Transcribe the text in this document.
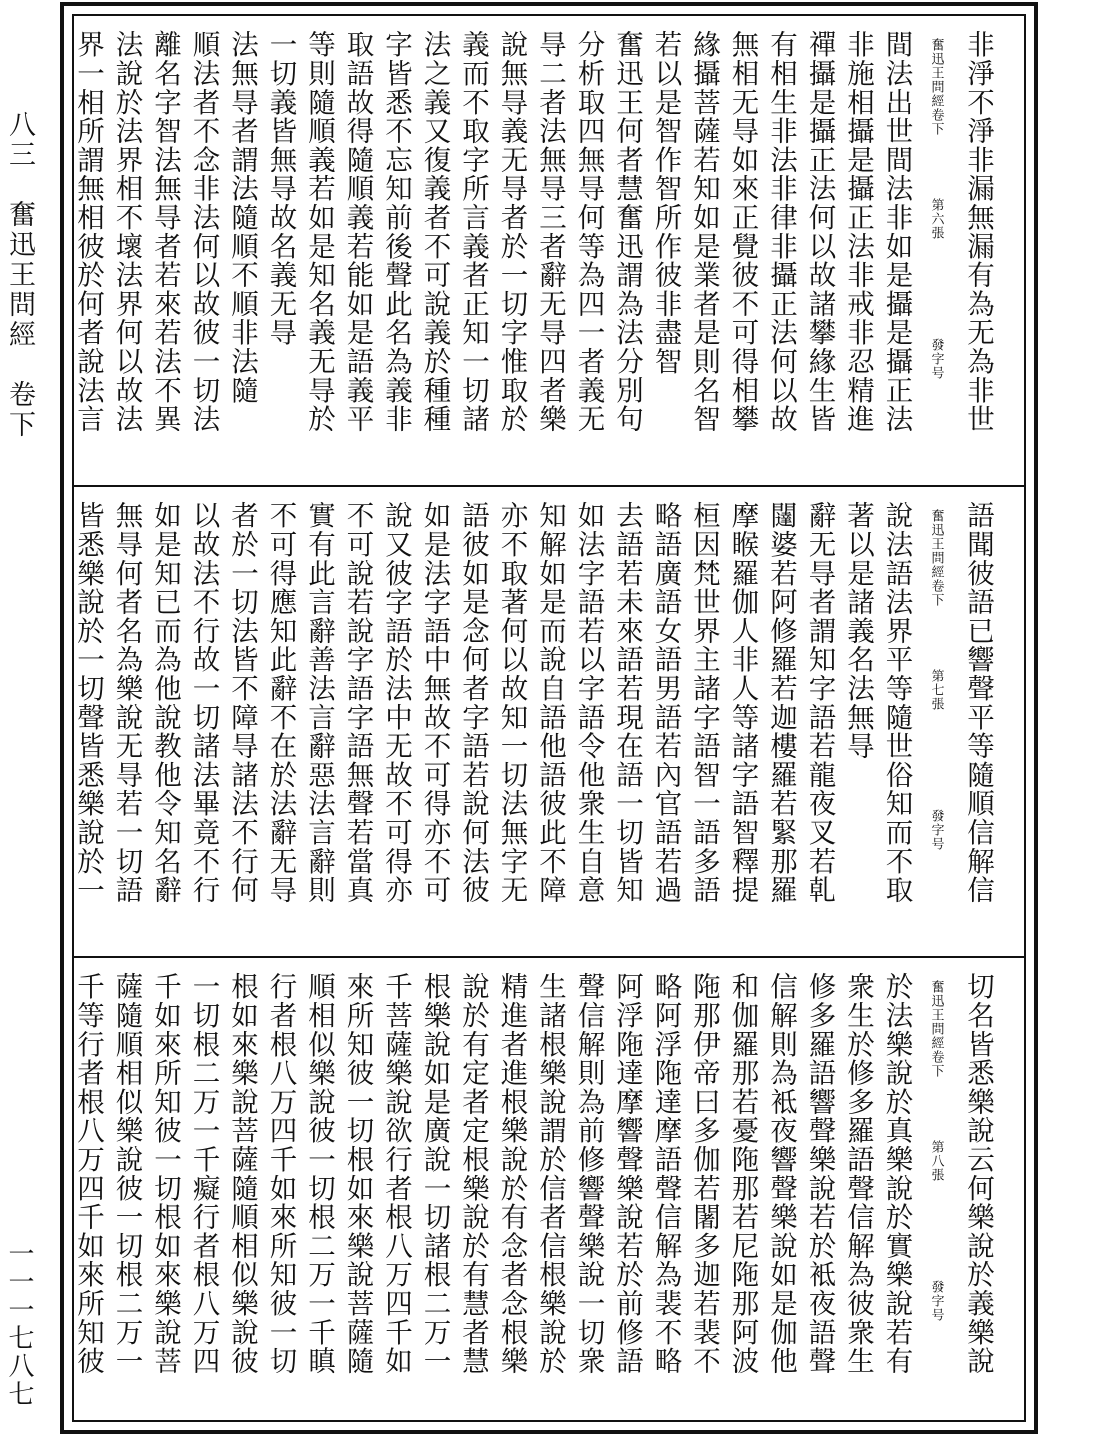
八三　奮迅王問經　卷下
一一一七八七
非淨不淨非漏無漏有為无為非世
間法出世間法非如是攝是攝正法
非施相攝是攝正法非戒非忍精進
禪攝是攝正法何以故諸攀緣生皆
有相生非法非律非攝正法何以故
無相无㝵如來正覺彼不可得相攀
緣攝菩薩若知如是業者是則名智
若以是智作智所作彼非盡智
奮迅王何者慧奮迅謂為法分別句
分析取四無㝵何等為四一者義无
㝵二者法無㝵三者辭无㝵四者樂
說無㝵義无㝵者於一切字惟取於
義而不取字所言義者正知一切諸
法之義又復義者不可說義於種種
字皆悉不忘知前後聲此名為義非
取語故得隨順義若能如是語義平
等則隨順義若如是知名義无㝵於
一切義皆無㝵故名義无㝵
法無㝵者謂法隨順不順非法隨
順法者不念非法何以故彼一切法
離名字智法無㝵者若來若法不異
法說於法界相不壞法界何以故法
界一相所謂無相彼於何者說法言	奮迅王問經卷下
第六張
發字号
語聞彼語已響聲平等隨順信解信
說法語法界平等隨世俗知而不取
著以是諸義名法無㝵
辭无㝵者謂知字語若龍夜叉若乹
闥婆若阿修羅若迦樓羅若緊那羅
摩睺羅伽人非人等諸字語智釋提
桓因梵世界主諸字語智一語多語
略語廣語女語男語若內官語若過
去語若未來語若現在語一切皆知
如法字語若以字語令他衆生自意
知解如是而說自語他語彼此不障
亦不取著何以故知一切法無字无
語彼如是念何者字語若說何法彼
如是法字語中無故不可得亦不可
說又彼字語於法中无故不可得亦
不可說若說字語字語無聲若當真
實有此言辭善法言辭惡法言辭則
不可得應知此辭不在於法辭无㝵
者於一切法皆不障㝵諸法不行何
以故法不行故一切諸法畢竟不行
如是知已而為他說教他令知名辭
無㝵何者名為樂說无㝵若一切語
皆悉樂說於一切聲皆悉樂說於一	奮迅王問經卷下
第七張
發字号
切名皆悉樂說云何樂說於義樂說
於法樂說於真樂說於實樂說若有
衆生於修多羅語聲信解為彼衆生
修多羅語響聲樂說若於袛夜語聲
信解則為袛夜響聲樂說如是伽他
和伽羅那若憂陁那若尼陁那阿波
陁那伊帝曰多伽若闍多迦若裴不
略阿浮陁達摩語聲信解為裴不略
阿浮陁達摩響聲樂說若於前修語
聲信解則為前修響聲樂說一切衆
生諸根樂說謂於信者信根樂說於
精進者進根樂說於有念者念根樂
說於有定者定根樂說於有慧者慧
根樂說如是廣說一切諸根二万一
千菩薩樂說欲行者根八万四千如
來所知彼一切根如來樂說菩薩隨
順相似樂說彼一切根二万一千瞋
行者根八万四千如來所知彼一切
根如來樂說菩薩隨順相似樂說彼
一切根二万一千癡行者根八万四
千如來所知彼一切根如來樂說菩
薩隨順相似樂說彼一切根二万一
千等行者根八万四千如來所知彼	奮迅王問經卷下
第八張
發字号
